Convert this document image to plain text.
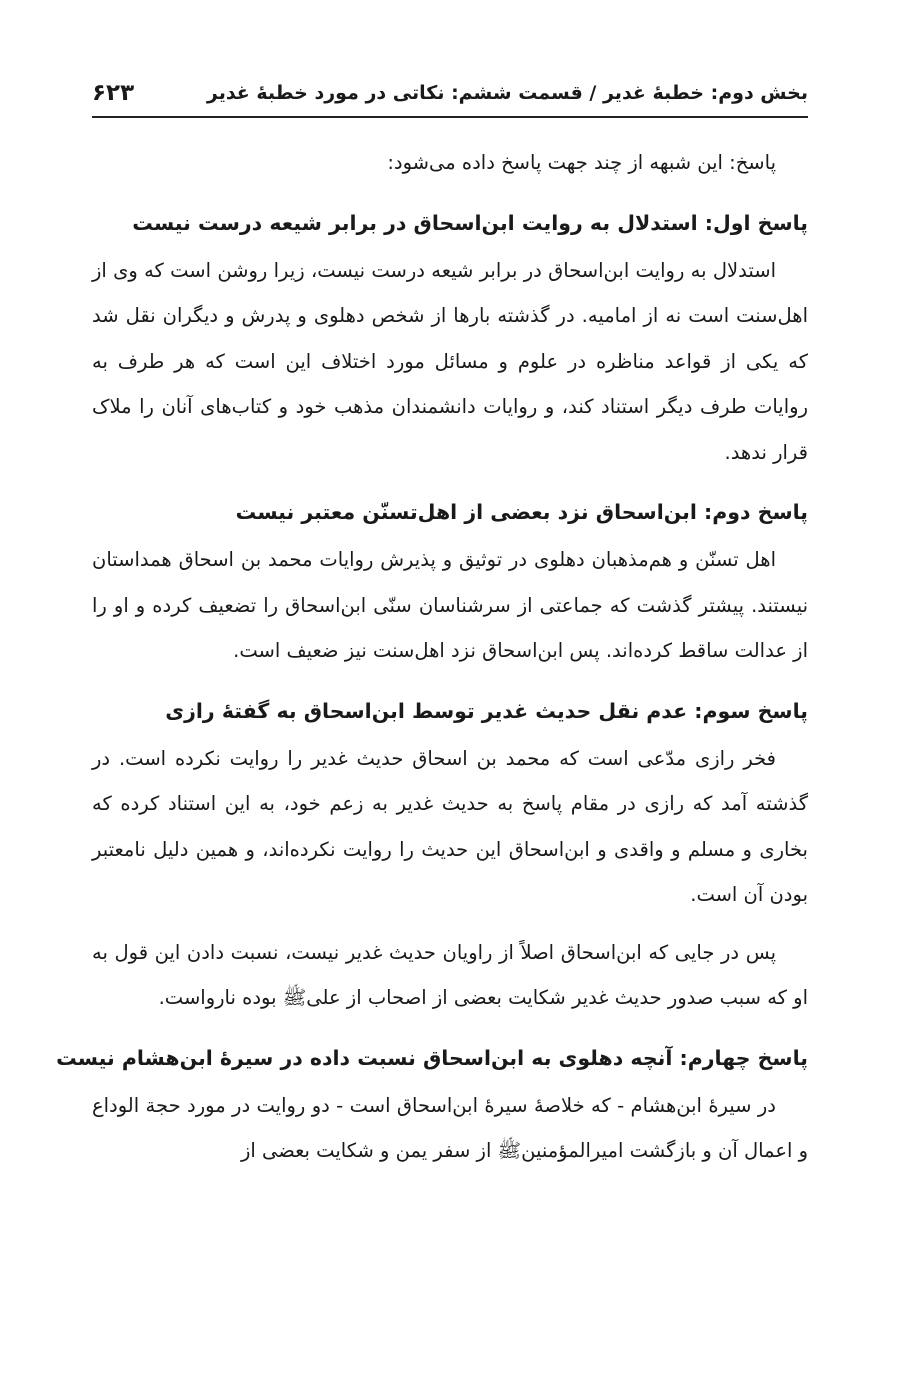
بخش دوم: خطبهٔ غدیر / قسمت ششم: نکاتی در مورد خطبهٔ غدیر
۶۲۳

پاسخ: این شبهه از چند جهت پاسخ داده می‌شود:

پاسخ اول: استدلال به روایت ابن‌اسحاق در برابر شیعه درست نیست

استدلال به روایت ابن‌اسحاق در برابر شیعه درست نیست، زیرا روشن است که وی از اهل‌سنت است نه از امامیه. در گذشته بارها از شخص دهلوی و پدرش و دیگران نقل شد که یکی از قواعد مناظره در علوم و مسائل مورد اختلاف این است که هر طرف به روایات طرف دیگر استناد کند، و روایات دانشمندان مذهب خود و کتاب‌های آنان را ملاک قرار ندهد.

پاسخ دوم: ابن‌اسحاق نزد بعضی از اهل‌تسنّن معتبر نیست

اهل تسنّن و هم‌مذهبان دهلوی در توثیق و پذیرش روایات محمد بن اسحاق همداستان نیستند. پیشتر گذشت که جماعتی از سرشناسان سنّی ابن‌اسحاق را تضعیف کرده و او را از عدالت ساقط کرده‌اند. پس ابن‌اسحاق نزد اهل‌سنت نیز ضعیف است.

پاسخ سوم: عدم نقل حدیث غدیر توسط ابن‌اسحاق به گفتهٔ رازی

فخر رازی مدّعی است که محمد بن اسحاق حدیث غدیر را روایت نکرده است. در گذشته آمد که رازی در مقام پاسخ به حدیث غدیر به زعم خود، به این استناد کرده که بخاری و مسلم و واقدی و ابن‌اسحاق این حدیث را روایت نکرده‌اند، و همین دلیل نامعتبر بودن آن است.

پس در جایی که ابن‌اسحاق اصلاً از راویان حدیث غدیر نیست، نسبت دادن این قول به او که سبب صدور حدیث غدیر شکایت بعضی از اصحاب از علی‌ﷺ بوده نارواست.

پاسخ چهارم: آنچه دهلوی به ابن‌اسحاق نسبت داده در سیرهٔ ابن‌هشام نیست

در سیرهٔ ابن‌هشام - که خلاصهٔ سیرهٔ ابن‌اسحاق است - دو روایت در مورد حجة الوداع و اعمال آن و بازگشت امیرالمؤمنین‌ﷺ از سفر یمن و شکایت بعضی از
